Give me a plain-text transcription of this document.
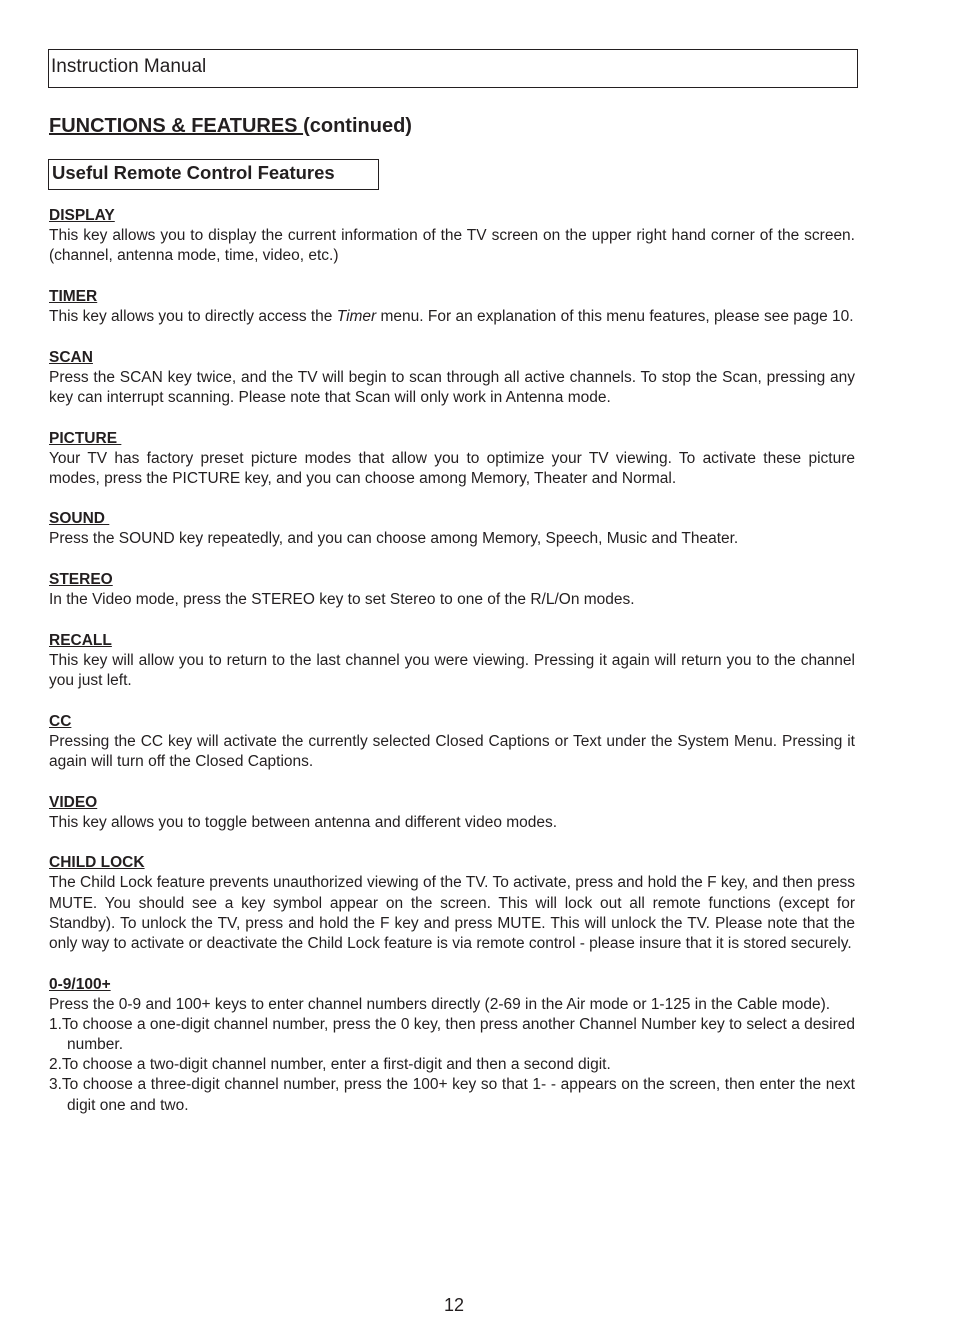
Instruction Manual
FUNCTIONS & FEATURES (continued)
Useful Remote Control Features
DISPLAY
This key allows you to display the current information of the TV screen on the upper right hand corner of the screen. (channel, antenna mode, time, video, etc.)
TIMER
This key allows you to directly access the Timer menu. For an explanation of this menu features, please see page 10.
SCAN
Press the SCAN key twice, and the TV will begin to scan through all active channels. To stop the Scan, pressing any key can interrupt scanning. Please note that Scan will only work in Antenna mode.
PICTURE
Your TV has factory preset picture modes that allow you to optimize your TV viewing. To activate these picture modes, press the PICTURE key, and you can choose among Memory, Theater and Normal.
SOUND
Press the SOUND key repeatedly, and you can choose among Memory, Speech, Music and Theater.
STEREO
In the Video mode, press the STEREO key to set Stereo to one of the R/L/On modes.
RECALL
This key will allow you to return to the last channel you were viewing. Pressing it again will return you to the channel you just left.
CC
Pressing the CC key will activate the currently selected Closed Captions or Text under the System Menu. Pressing it again will turn off the Closed Captions.
VIDEO
This key allows you to toggle between antenna and different video modes.
CHILD LOCK
The Child Lock feature prevents unauthorized viewing of the TV. To activate, press and hold the F key, and then press MUTE. You should see a key symbol appear on the screen. This will lock out all remote functions (except for Standby). To unlock the TV, press and hold the F key and press MUTE. This will unlock the TV. Please note that the only way to activate or deactivate the Child Lock feature is via remote control - please insure that it is stored securely.
0-9/100+
Press the 0-9 and 100+ keys to enter channel numbers directly (2-69 in the Air mode or 1-125 in the Cable mode).
1.To choose a one-digit channel number, press the 0 key, then press another Channel Number key to select a desired number.
2.To choose a two-digit channel number, enter a first-digit and then a second digit.
3.To choose a three-digit channel number, press the 100+ key so that 1- - appears on the screen, then enter the next digit one and two.
12
